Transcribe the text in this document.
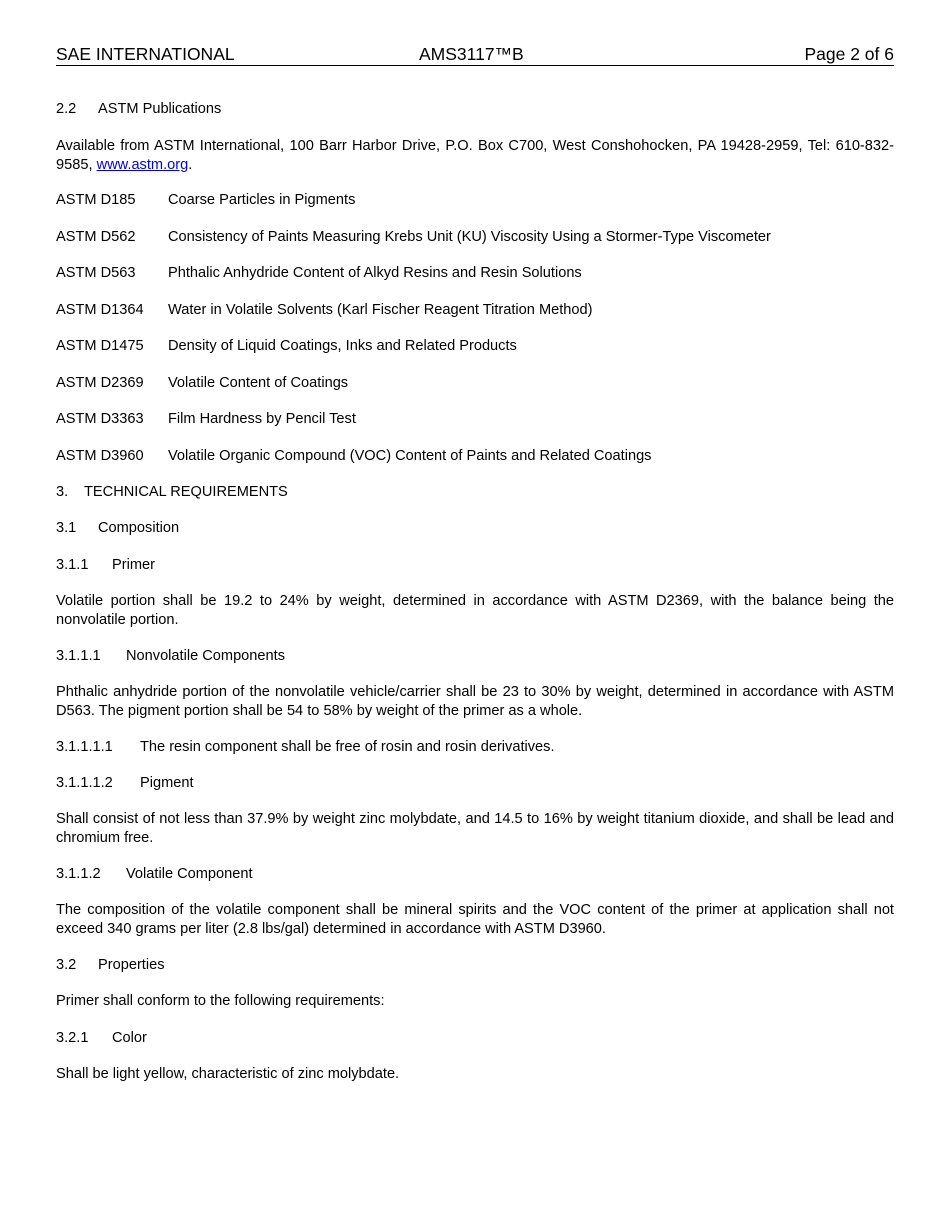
SAE INTERNATIONAL	AMS3117™B	Page 2 of 6
2.2 ASTM Publications
Available from ASTM International, 100 Barr Harbor Drive, P.O. Box C700, West Conshohocken, PA 19428-2959, Tel: 610-832-9585, www.astm.org.
ASTM D185 Coarse Particles in Pigments
ASTM D562 Consistency of Paints Measuring Krebs Unit (KU) Viscosity Using a Stormer-Type Viscometer
ASTM D563 Phthalic Anhydride Content of Alkyd Resins and Resin Solutions
ASTM D1364 Water in Volatile Solvents (Karl Fischer Reagent Titration Method)
ASTM D1475 Density of Liquid Coatings, Inks and Related Products
ASTM D2369 Volatile Content of Coatings
ASTM D3363 Film Hardness by Pencil Test
ASTM D3960 Volatile Organic Compound (VOC) Content of Paints and Related Coatings
3. TECHNICAL REQUIREMENTS
3.1 Composition
3.1.1 Primer
Volatile portion shall be 19.2 to 24% by weight, determined in accordance with ASTM D2369, with the balance being the nonvolatile portion.
3.1.1.1 Nonvolatile Components
Phthalic anhydride portion of the nonvolatile vehicle/carrier shall be 23 to 30% by weight, determined in accordance with ASTM D563. The pigment portion shall be 54 to 58% by weight of the primer as a whole.
3.1.1.1.1 The resin component shall be free of rosin and rosin derivatives.
3.1.1.1.2 Pigment
Shall consist of not less than 37.9% by weight zinc molybdate, and 14.5 to 16% by weight titanium dioxide, and shall be lead and chromium free.
3.1.1.2 Volatile Component
The composition of the volatile component shall be mineral spirits and the VOC content of the primer at application shall not exceed 340 grams per liter (2.8 lbs/gal) determined in accordance with ASTM D3960.
3.2 Properties
Primer shall conform to the following requirements:
3.2.1 Color
Shall be light yellow, characteristic of zinc molybdate.
